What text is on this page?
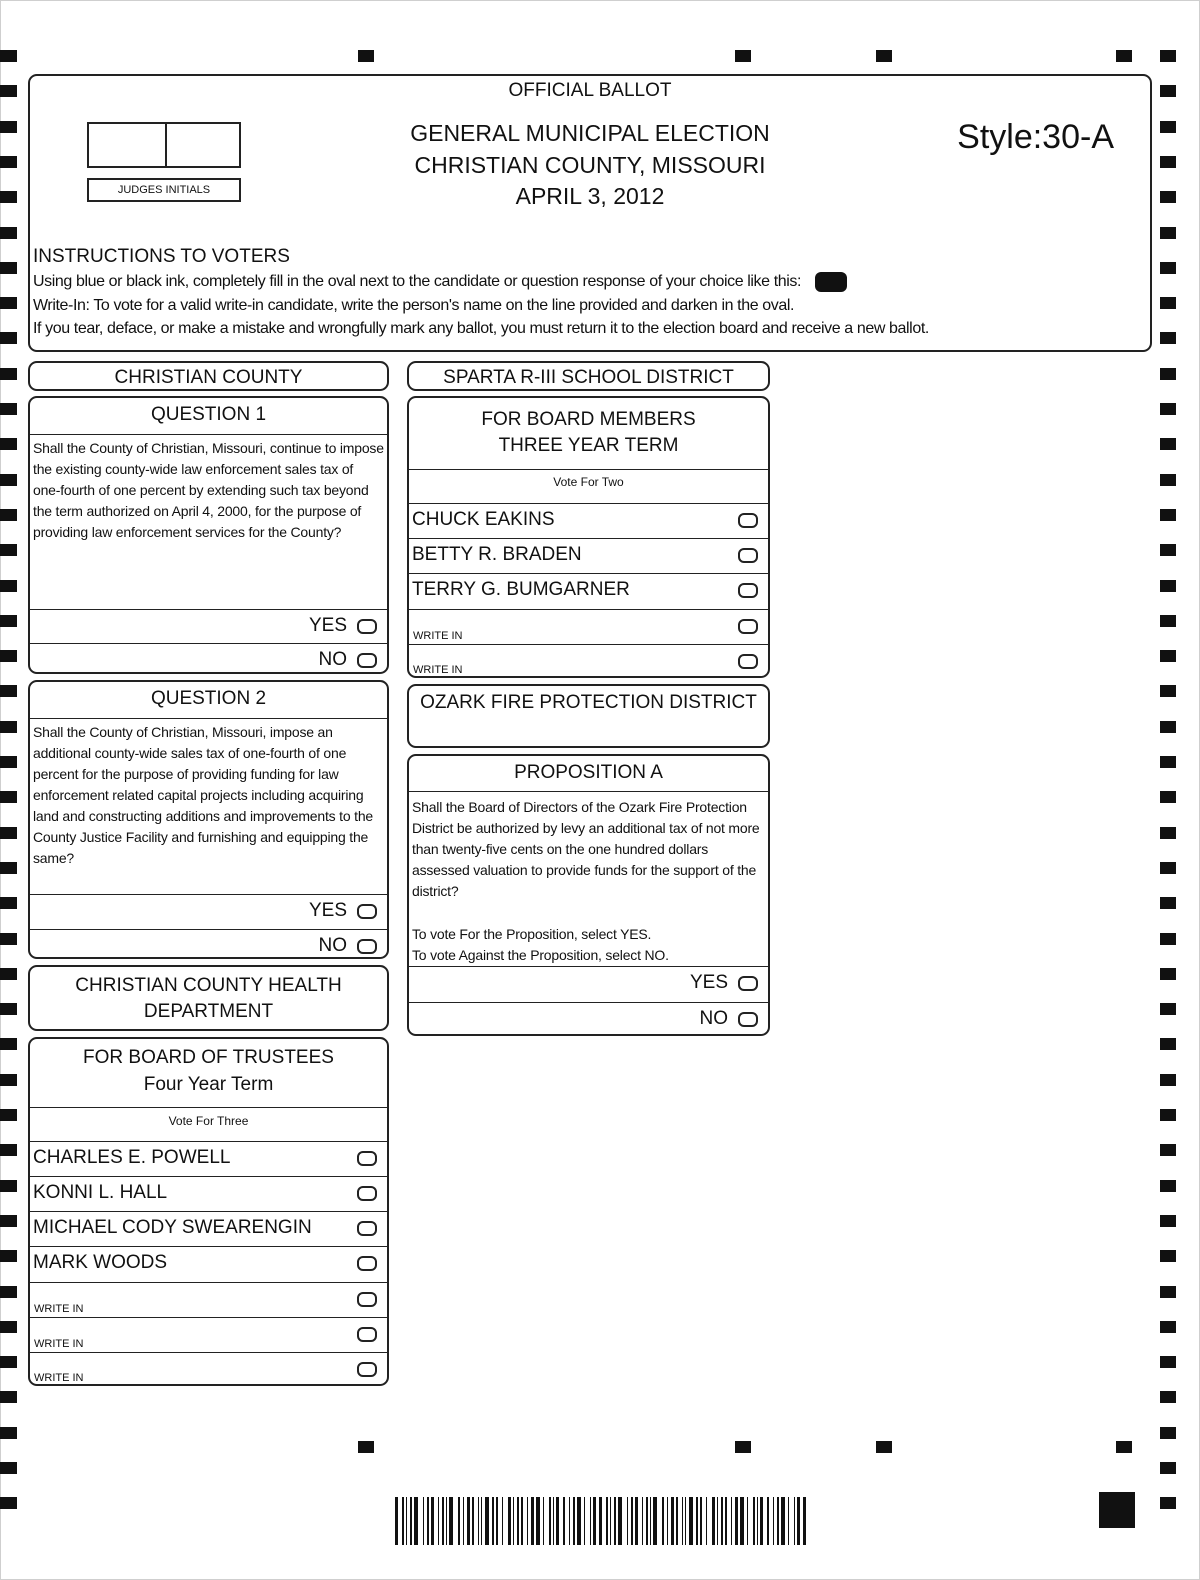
OFFICIAL BALLOT
GENERAL MUNICIPAL ELECTION
CHRISTIAN COUNTY, MISSOURI
APRIL 3, 2012
Style:30-A
JUDGES INITIALS
INSTRUCTIONS TO VOTERS
Using blue or black ink, completely fill in the oval next to the candidate or question response of your choice like this:
Write-In: To vote for a valid write-in candidate, write the person's name on the line provided and darken in the oval.
If you tear, deface, or make a mistake and wrongfully mark any ballot, you must return it to the election board and receive a new ballot.
CHRISTIAN COUNTY
QUESTION 1
Shall the County of Christian, Missouri, continue to impose the existing county-wide law enforcement sales tax of one-fourth of one percent by extending such tax beyond the term authorized on April 4, 2000, for the purpose of providing law enforcement services for the County?
YES
NO
QUESTION 2
Shall the County of Christian, Missouri, impose an additional county-wide sales tax of one-fourth of one percent for the purpose of providing funding for law enforcement related capital projects including acquiring land and constructing additions and improvements to the County Justice Facility and furnishing and equipping the same?
YES
NO
CHRISTIAN COUNTY HEALTH
DEPARTMENT
FOR BOARD OF TRUSTEES
Four Year Term
Vote For Three
CHARLES E. POWELL
KONNI L. HALL
MICHAEL CODY SWEARENGIN
MARK WOODS
WRITE IN
WRITE IN
WRITE IN
SPARTA R-III SCHOOL DISTRICT
FOR BOARD MEMBERS
THREE YEAR TERM
Vote For Two
CHUCK EAKINS
BETTY R. BRADEN
TERRY G. BUMGARNER
WRITE IN
WRITE IN
OZARK FIRE PROTECTION DISTRICT
PROPOSITION A
Shall the Board of Directors of the Ozark Fire Protection District be authorized by levy an additional tax of not more than twenty-five cents on the one hundred dollars assessed valuation to provide funds for the support of the district?
To vote For the Proposition, select YES.
To vote Against the Proposition, select NO.
YES
NO
